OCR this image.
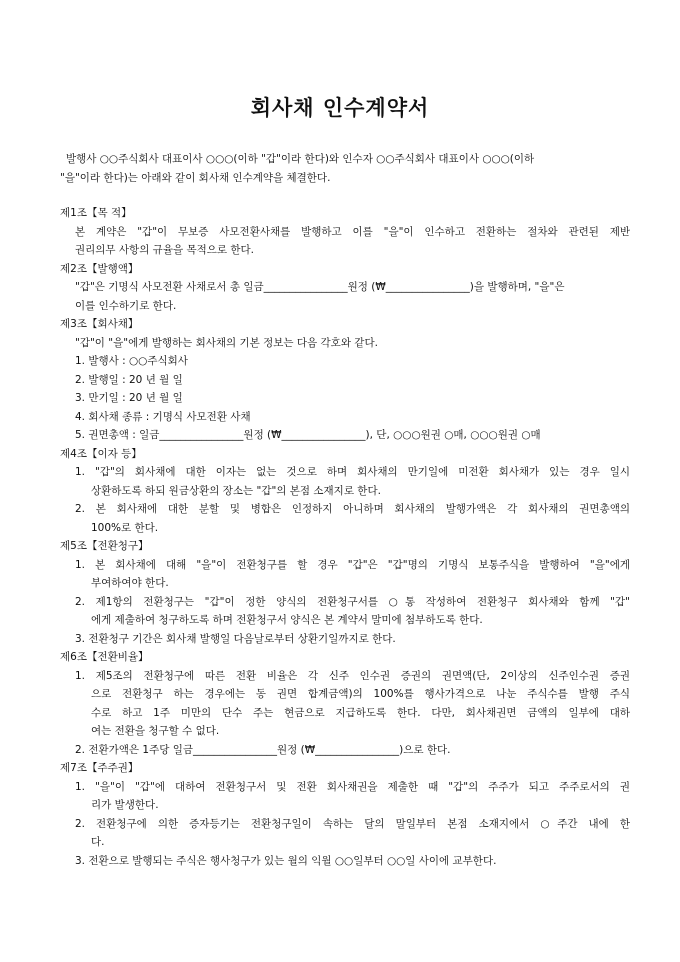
회사채 인수계약서
발행사 ○○주식회사 대표이사 ○○○(이하 "갑"이라 한다)와 인수자 ○○주식회사 대표이사 ○○○(이하
"을"이라 한다)는 아래와 같이 회사채 인수계약을 체결한다.
제1조【목 적】
본 계약은 "갑"이 무보증 사모전환사채를 발행하고 이를 "을"이 인수하고 전환하는 절차와 관련된 제반
권리의무 사항의 규율을 목적으로 한다.
제2조【발행액】
"갑"은 기명식 사모전환 사채로서 총 일금________________원정 (₩________________)을 발행하며, "을"은
이를 인수하기로 한다.
제3조【회사채】
"갑"이 "을"에게 발행하는 회사채의 기본 정보는 다음 각호와 같다.
1. 발행사 : ○○주식회사
2. 발행일 : 20 년 월 일
3. 만기일 : 20 년 월 일
4. 회사채 종류 : 기명식 사모전환 사채
5. 권면총액 : 일금________________원정 (₩________________), 단, ○○○원권 ○매, ○○○원권 ○매
제4조【이자 등】
1. "갑"의 회사채에 대한 이자는 없는 것으로 하며 회사채의 만기일에 미전환 회사채가 있는 경우 일시
상환하도록 하되 원금상환의 장소는 "갑"의 본점 소재지로 한다.
2. 본 회사채에 대한 분할 및 병합은 인정하지 아니하며 회사채의 발행가액은 각 회사채의 권면총액의
100%로 한다.
제5조【전환청구】
1. 본 회사채에 대해 "을"이 전환청구를 할 경우 "갑"은 "갑"명의 기명식 보통주식을 발행하여 "을"에게
부여하여야 한다.
2. 제1항의 전환청구는 "갑"이 정한 양식의 전환청구서를 ○통 작성하여 전환청구 회사채와 함께 "갑"
에게 제출하여 청구하도록 하며 전환청구서 양식은 본 계약서 말미에 첨부하도록 한다.
3. 전환청구 기간은 회사채 발행일 다음날로부터 상환기일까지로 한다.
제6조【전환비율】
1. 제5조의 전환청구에 따른 전환 비율은 각 신주 인수권 증권의 권면액(단, 2이상의 신주인수권 증권
으로 전환청구 하는 경우에는 동 권면 합계금액)의 100%를 행사가격으로 나눈 주식수를 발행 주식
수로 하고 1주 미만의 단수 주는 현금으로 지급하도록 한다. 다만, 회사채권면 금액의 일부에 대하
여는 전환을 청구할 수 없다.
2. 전환가액은 1주당 일금________________원정 (₩________________)으로 한다.
제7조【주주권】
1. "을"이 "갑"에 대하여 전환청구서 및 전환 회사채권을 제출한 때 "갑"의 주주가 되고 주주로서의 권
리가 발생한다.
2. 전환청구에 의한 증자등기는 전환청구일이 속하는 달의 말일부터 본점 소재지에서 ○주간 내에 한
다.
3. 전환으로 발행되는 주식은 행사청구가 있는 월의 익월 ○○일부터 ○○일 사이에 교부한다.
